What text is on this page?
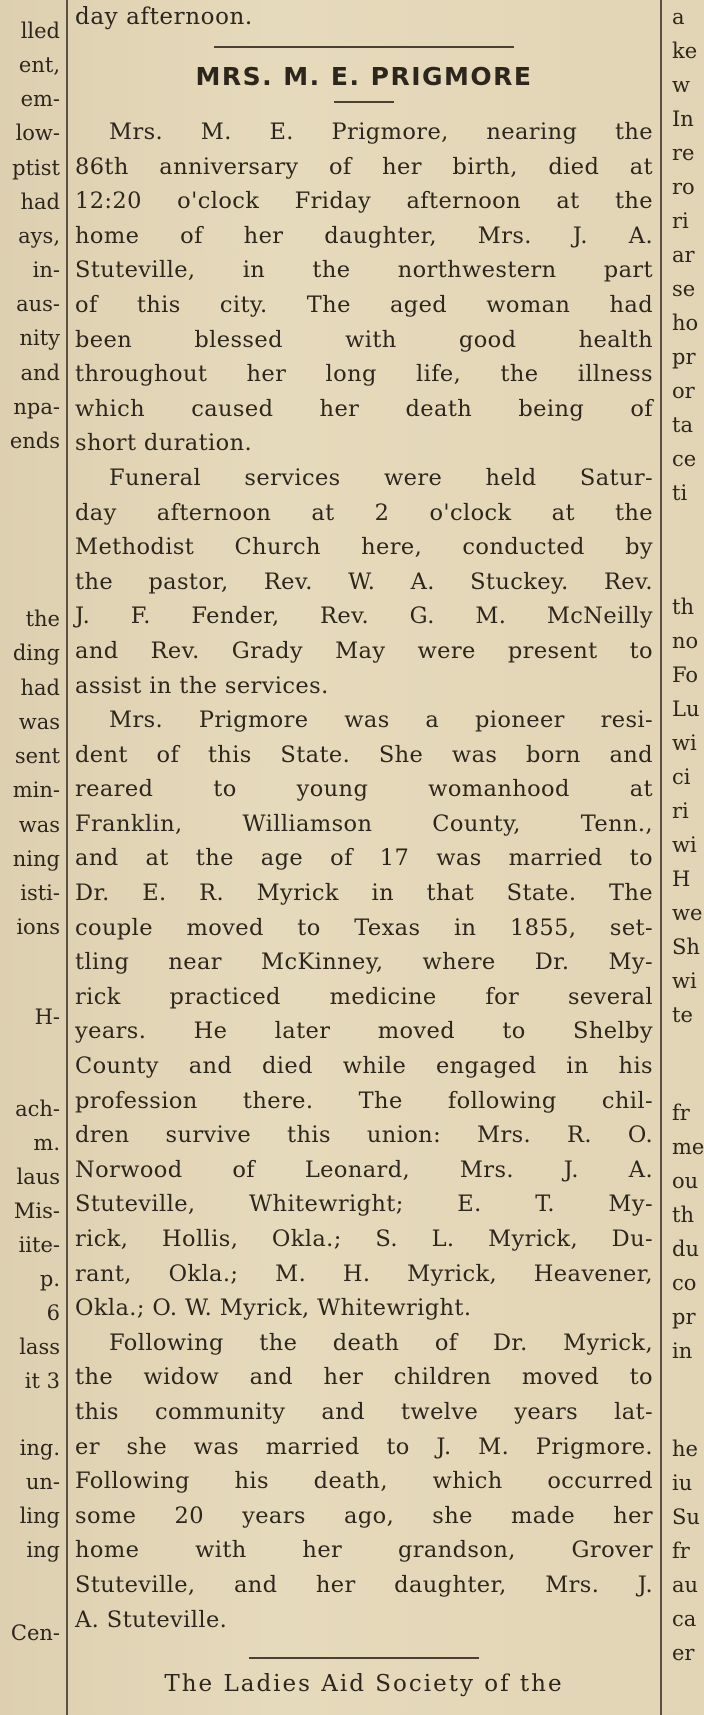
lled
ent,
em-
low-
ptist
had
ays,
in-
aus-
nity
and
npa-
ends
the
ding
had
was
sent
min-
was
ning
isti-
ions
H-
ach-
m.
laus
Mis-
iite-
p.
6
lass
it 3
ing.
un-
ling
ing
Cen-
day afternoon.
MRS. M. E. PRIGMORE
Mrs. M. E. Prigmore, nearing the
86th anniversary of her birth, died at
12:20 o'clock Friday afternoon at the
home of her daughter, Mrs. J. A.
Stuteville, in the northwestern part
of this city. The aged woman had
been blessed with good health
throughout her long life, the illness
which caused her death being of
short duration.
Funeral services were held Satur-
day afternoon at 2 o'clock at the
Methodist Church here, conducted by
the pastor, Rev. W. A. Stuckey. Rev.
J. F. Fender, Rev. G. M. McNeilly
and Rev. Grady May were present to
assist in the services.
Mrs. Prigmore was a pioneer resi-
dent of this State. She was born and
reared to young womanhood at
Franklin, Williamson County, Tenn.,
and at the age of 17 was married to
Dr. E. R. Myrick in that State. The
couple moved to Texas in 1855, set-
tling near McKinney, where Dr. My-
rick practiced medicine for several
years. He later moved to Shelby
County and died while engaged in his
profession there. The following chil-
dren survive this union: Mrs. R. O.
Norwood of Leonard, Mrs. J. A.
Stuteville, Whitewright; E. T. My-
rick, Hollis, Okla.; S. L. Myrick, Du-
rant, Okla.; M. H. Myrick, Heavener,
Okla.; O. W. Myrick, Whitewright.
Following the death of Dr. Myrick,
the widow and her children moved to
this community and twelve years lat-
er she was married to J. M. Prigmore.
Following his death, which occurred
some 20 years ago, she made her
home with her grandson, Grover
Stuteville, and her daughter, Mrs. J.
A. Stuteville.
The Ladies Aid Society of the
a
ke
w
In
re
ro
ri
ar
se
ho
pr
or
ta
ce
ti
th
no
Fo
Lu
wi
ci
ri
wi
H
we
Sh
wi
te
fr
me
ou
th
du
co
pr
in
he
iu
Su
fr
au
ca
er
